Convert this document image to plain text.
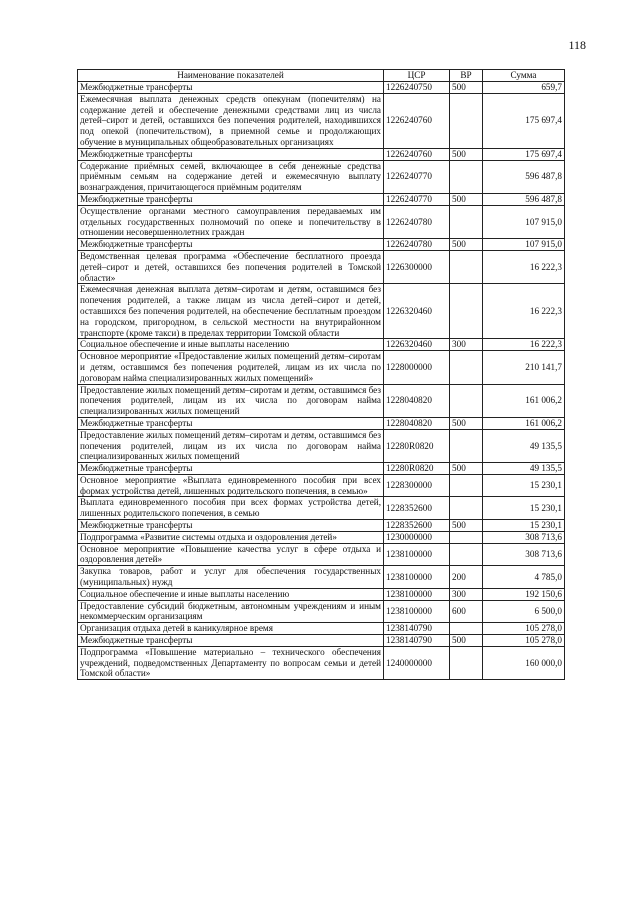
118
Наименование показателей	ЦСР	ВР	Сумма
Межбюджетные трансферты	1226240750	500	659,7
Ежемесячная выплата денежных средств опекунам (попечителям) на содержание детей и обеспечение денежными средствами лиц из числа детей–сирот и детей, оставшихся без попечения родителей, находившихся под опекой (попечительством), в приемной семье и продолжающих обучение в муниципальных общеобразовательных организациях	1226240760		175 697,4
Межбюджетные трансферты	1226240760	500	175 697,4
Содержание приёмных семей, включающее в себя денежные средства приёмным семьям на содержание детей и ежемесячную выплату вознаграждения, причитающегося приёмным родителям	1226240770		596 487,8
Межбюджетные трансферты	1226240770	500	596 487,8
Осуществление органами местного самоуправления передаваемых им отдельных государственных полномочий по опеке и попечительству в отношении несовершеннолетних граждан	1226240780		107 915,0
Межбюджетные трансферты	1226240780	500	107 915,0
Ведомственная целевая программа «Обеспечение бесплатного проезда детей–сирот и детей, оставшихся без попечения родителей в Томской области»	1226300000		16 222,3
Ежемесячная денежная выплата детям–сиротам и детям, оставшимся без попечения родителей, а также лицам из числа детей–сирот и детей, оставшихся без попечения родителей, на обеспечение бесплатным проездом на городском, пригородном, в сельской местности на внутрирайонном транспорте (кроме такси) в пределах территории Томской области	1226320460		16 222,3
Социальное обеспечение и иные выплаты населению	1226320460	300	16 222,3
Основное мероприятие «Предоставление жилых помещений детям–сиротам и детям, оставшимся без попечения родителей, лицам из их числа по договорам найма специализированных жилых помещений»	1228000000		210 141,7
Предоставление жилых помещений детям–сиротам и детям, оставшимся без попечения родителей, лицам из их числа по договорам найма специализированных жилых помещений	1228040820		161 006,2
Межбюджетные трансферты	1228040820	500	161 006,2
Предоставление жилых помещений детям–сиротам и детям, оставшимся без попечения родителей, лицам из их числа по договорам найма специализированных жилых помещений	12280R0820		49 135,5
Межбюджетные трансферты	12280R0820	500	49 135,5
Основное мероприятие «Выплата единовременного пособия при всех формах устройства детей, лишенных родительского попечения, в семью»	1228300000		15 230,1
Выплата единовременного пособия при всех формах устройства детей, лишенных родительского попечения, в семью	1228352600		15 230,1
Межбюджетные трансферты	1228352600	500	15 230,1
Подпрограмма «Развитие системы отдыха и оздоровления детей»	1230000000		308 713,6
Основное мероприятие «Повышение качества услуг в сфере отдыха и оздоровления детей»	1238100000		308 713,6
Закупка товаров, работ и услуг для обеспечения государственных (муниципальных) нужд	1238100000	200	4 785,0
Социальное обеспечение и иные выплаты населению	1238100000	300	192 150,6
Предоставление субсидий бюджетным, автономным учреждениям и иным некоммерческим организациям	1238100000	600	6 500,0
Организация отдыха детей в каникулярное время	1238140790		105 278,0
Межбюджетные трансферты	1238140790	500	105 278,0
Подпрограмма «Повышение материально – технического обеспечения учреждений, подведомственных Департаменту по вопросам семьи и детей Томской области»	1240000000		160 000,0
